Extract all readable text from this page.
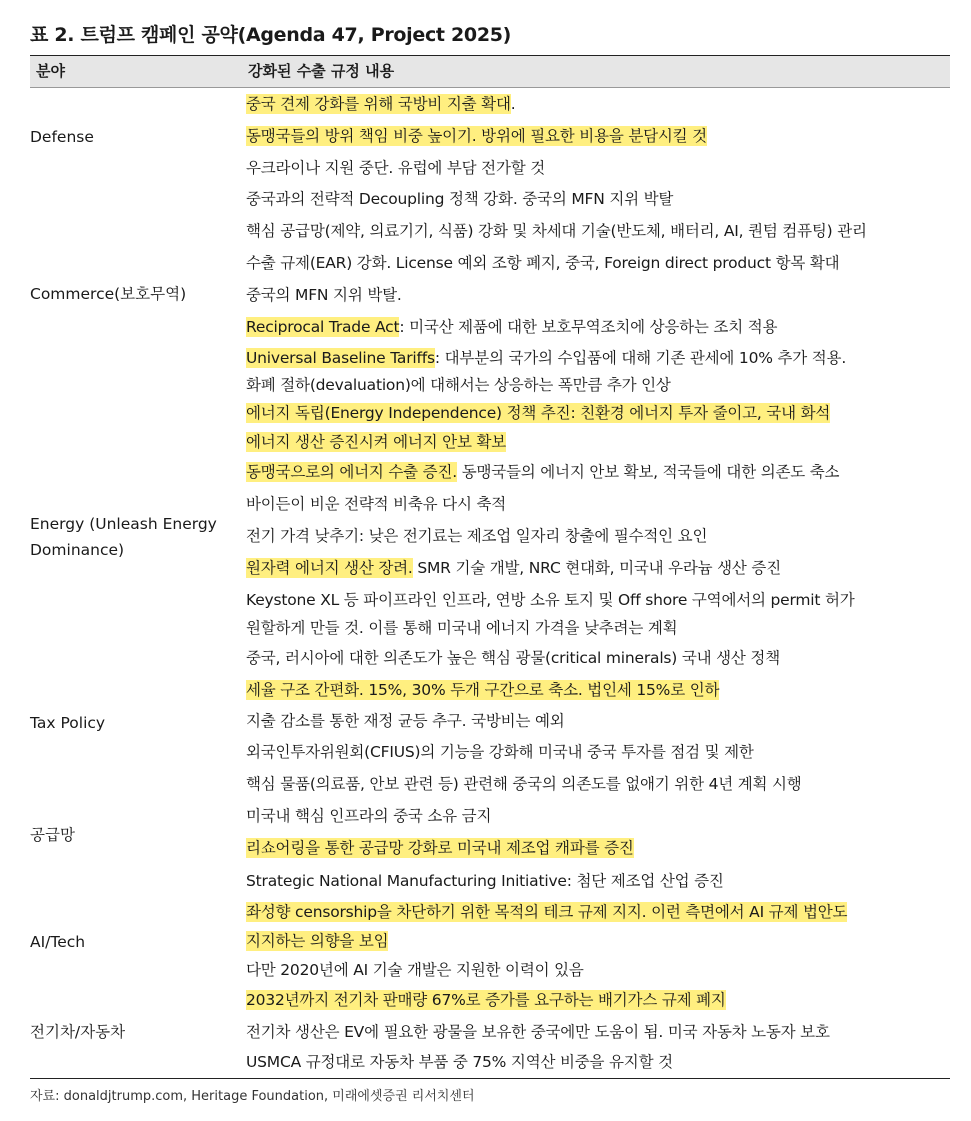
표 2. 트럼프 캠페인 공약(Agenda 47, Project 2025)
분야	강화된 수출 규정 내용
Defense
Commerce(보호무역)
Energy (Unleash Energy
Dominance)
Tax Policy
공급망
AI/Tech
전기차/자동차
중국 견제 강화를 위해 국방비 지출 확대.
동맹국들의 방위 책임 비중 높이기. 방위에 필요한 비용을 분담시킬 것
우크라이나 지원 중단. 유럽에 부담 전가할 것
중국과의 전략적 Decoupling 정책 강화. 중국의 MFN 지위 박탈
핵심 공급망(제약, 의료기기, 식품) 강화 및 차세대 기술(반도체, 배터리, AI, 퀀텀 컴퓨팅) 관리
수출 규제(EAR) 강화. License 예외 조항 폐지, 중국, Foreign direct product 항목 확대
중국의 MFN 지위 박탈.
Reciprocal Trade Act: 미국산 제품에 대한 보호무역조치에 상응하는 조치 적용
Universal Baseline Tariffs: 대부분의 국가의 수입품에 대해 기존 관세에 10% 추가 적용.
화폐 절하(devaluation)에 대해서는 상응하는 폭만큼 추가 인상
에너지 독립(Energy Independence) 정책 추진: 친환경 에너지 투자 줄이고, 국내 화석
에너지 생산 증진시켜 에너지 안보 확보
동맹국으로의 에너지 수출 증진. 동맹국들의 에너지 안보 확보, 적국들에 대한 의존도 축소
바이든이 비운 전략적 비축유 다시 축적
전기 가격 낮추기: 낮은 전기료는 제조업 일자리 창출에 필수적인 요인
원자력 에너지 생산 장려. SMR 기술 개발, NRC 현대화, 미국내 우라늄 생산 증진
Keystone XL 등 파이프라인 인프라, 연방 소유 토지 및 Off shore 구역에서의 permit 허가
원할하게 만들 것. 이를 통해 미국내 에너지 가격을 낮추려는 계획
중국, 러시아에 대한 의존도가 높은 핵심 광물(critical minerals) 국내 생산 정책
세율 구조 간편화. 15%, 30% 두개 구간으로 축소. 법인세 15%로 인하
지출 감소를 통한 재정 균등 추구. 국방비는 예외
외국인투자위원회(CFIUS)의 기능을 강화해 미국내 중국 투자를 점검 및 제한
핵심 물품(의료품, 안보 관련 등) 관련해 중국의 의존도를 없애기 위한 4년 계획 시행
미국내 핵심 인프라의 중국 소유 금지
리쇼어링을 통한 공급망 강화로 미국내 제조업 캐파를 증진
Strategic National Manufacturing Initiative: 첨단 제조업 산업 증진
좌성향 censorship을 차단하기 위한 목적의 테크 규제 지지. 이런 측면에서 AI 규제 법안도
지지하는 의향을 보임
다만 2020년에 AI 기술 개발은 지원한 이력이 있음
2032년까지 전기차 판매량 67%로 증가를 요구하는 배기가스 규제 폐지
전기차 생산은 EV에 필요한 광물을 보유한 중국에만 도움이 됨. 미국 자동차 노동자 보호
USMCA 규정대로 자동차 부품 중 75% 지역산 비중을 유지할 것
자료: donaldjtrump.com, Heritage Foundation, 미래에셋증권 리서치센터
